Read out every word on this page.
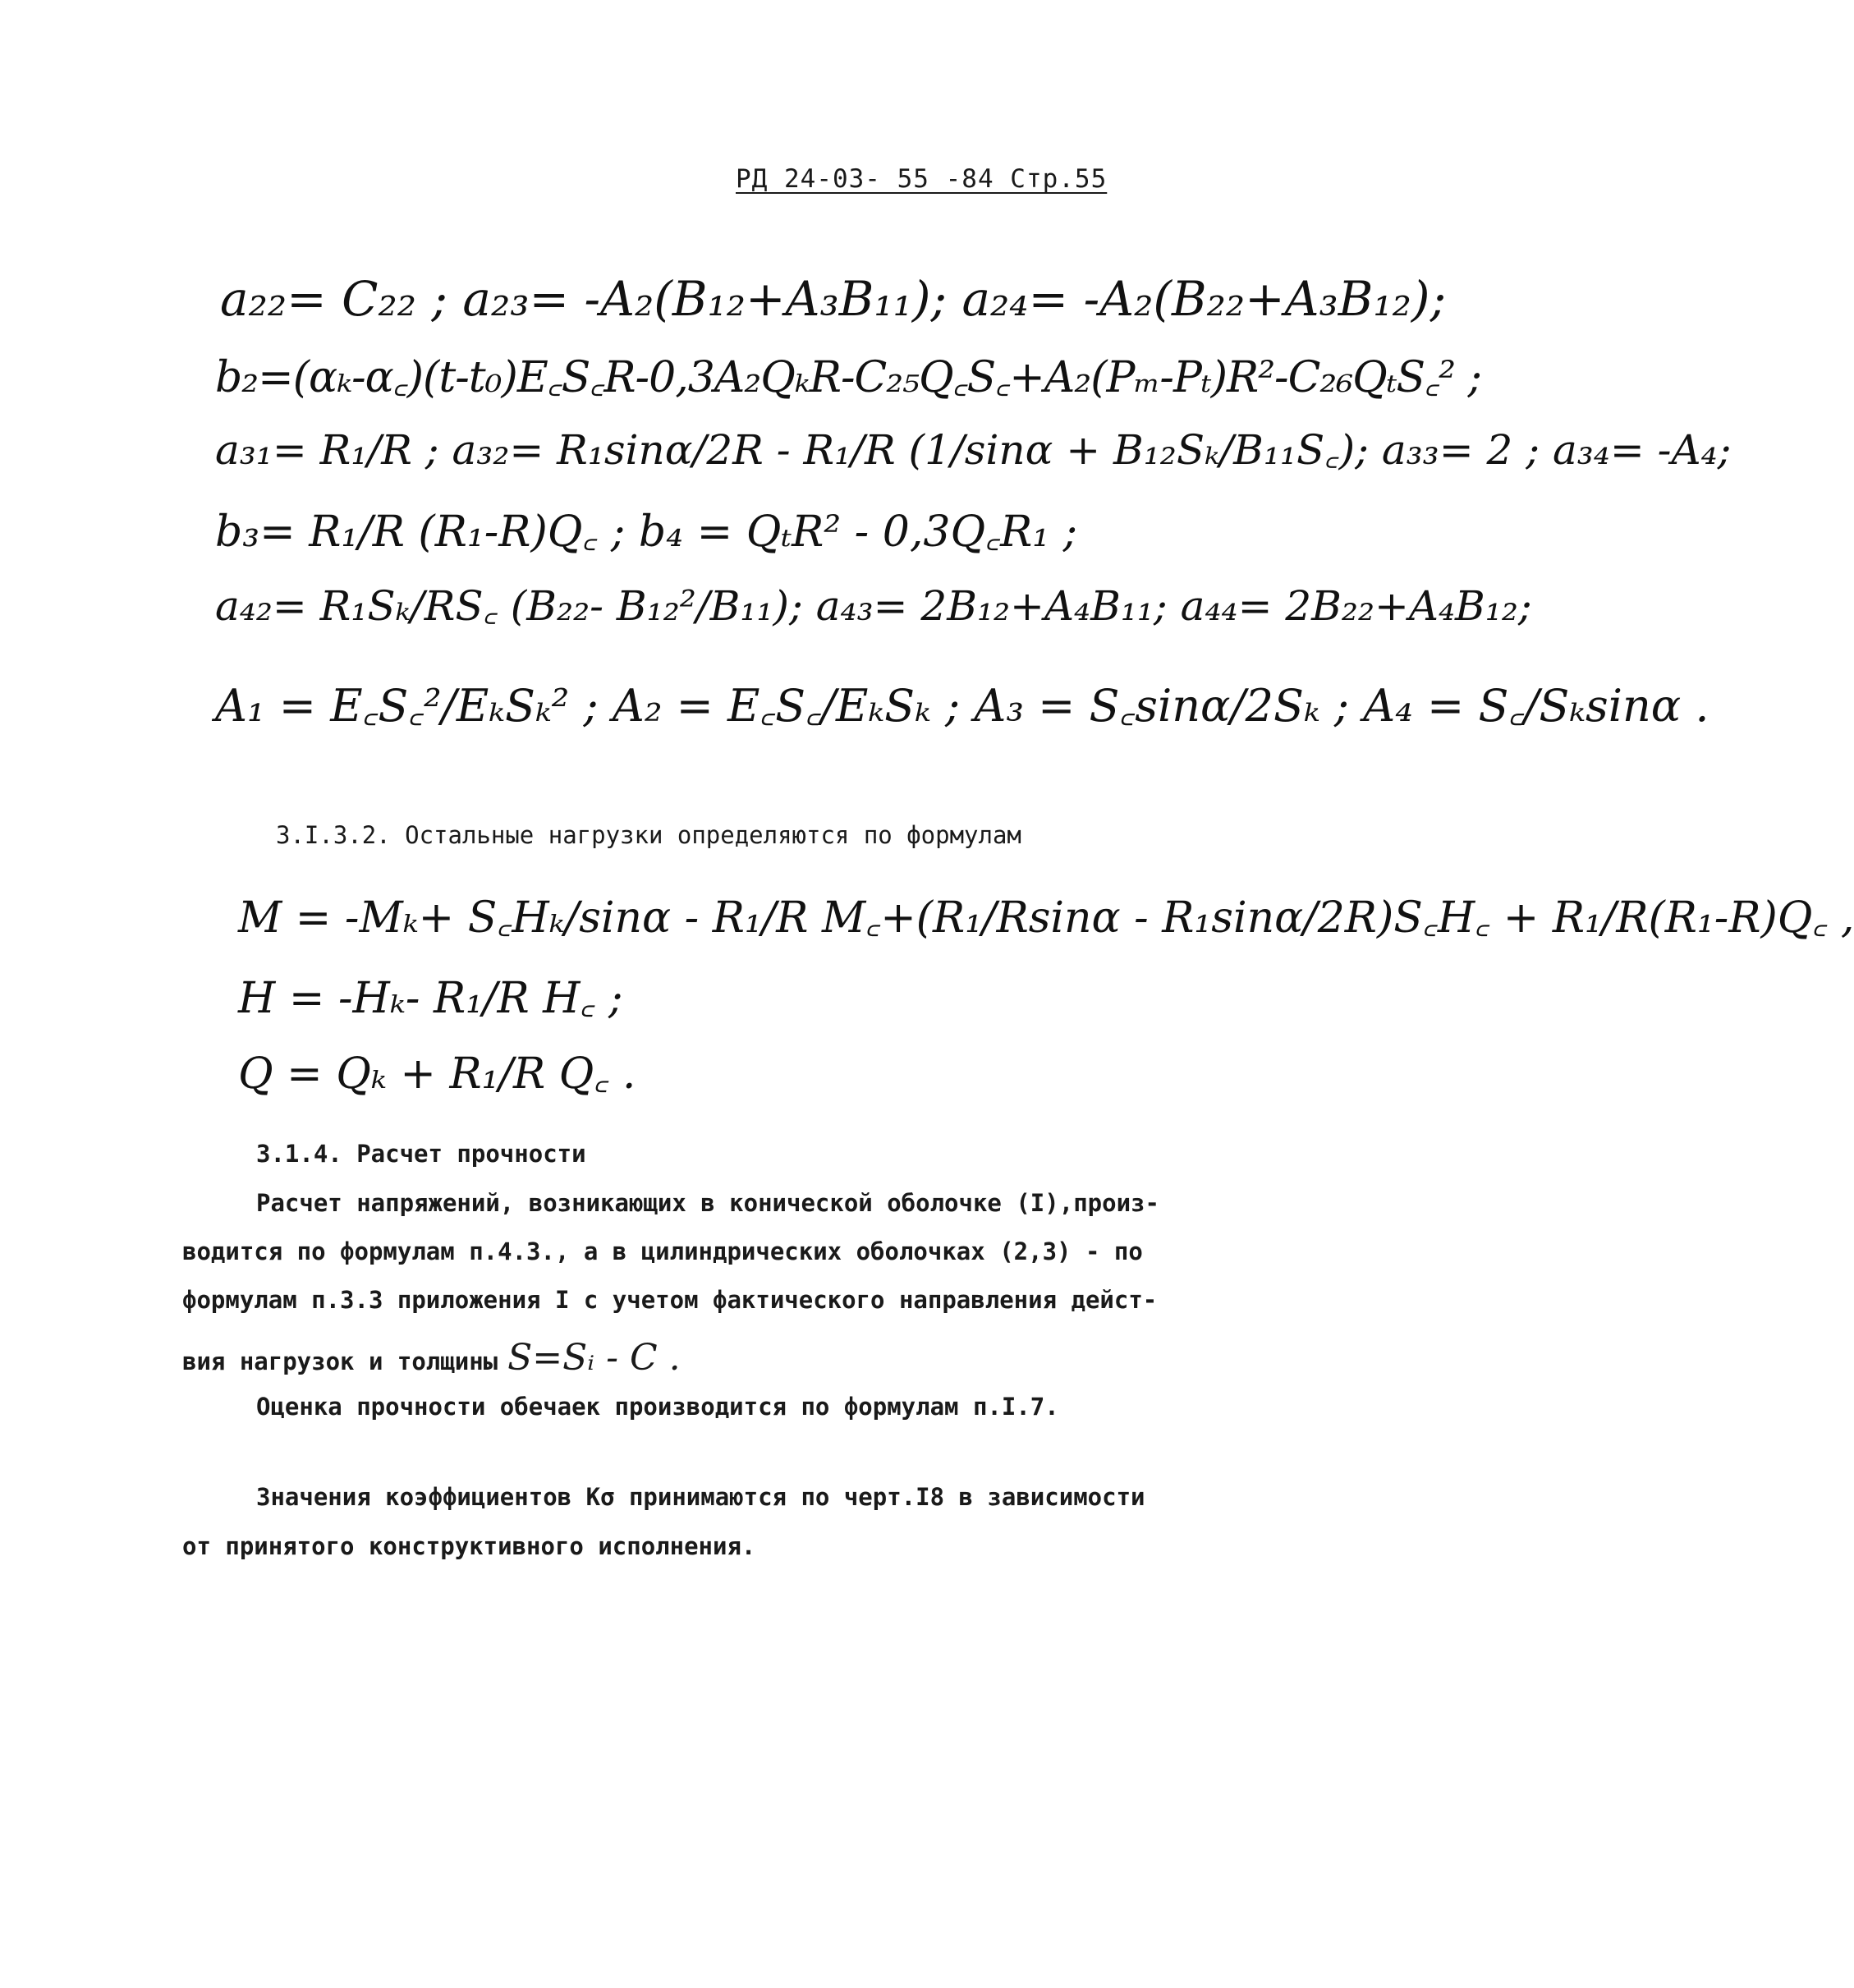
РД 24-03- 55 -84 Стр.55
a₂₂= C₂₂ ; a₂₃= -A₂(B₁₂+A₃B₁₁); a₂₄= -A₂(B₂₂+A₃B₁₂);
b₂=(αₖ-α꜀)(t-t₀)E꜀S꜀R-0,3A₂QₖR-C₂₅Q꜀S꜀+A₂(Pₘ-Pₜ)R²-C₂₆QₜS꜀² ;
a₃₁= R₁/R ; a₃₂= R₁sinα/2R - R₁/R (1/sinα + B₁₂Sₖ/B₁₁S꜀); a₃₃= 2 ; a₃₄= -A₄;
b₃= R₁/R (R₁-R)Q꜀ ; b₄ = QₜR² - 0,3Q꜀R₁ ;
a₄₂= R₁Sₖ/RS꜀ (B₂₂- B₁₂²/B₁₁); a₄₃= 2B₁₂+A₄B₁₁; a₄₄= 2B₂₂+A₄B₁₂;
A₁ = E꜀S꜀²/EₖSₖ² ; A₂ = E꜀S꜀/EₖSₖ ; A₃ = S꜀sinα/2Sₖ ; A₄ = S꜀/Sₖsinα .
3.I.3.2. Остальные нагрузки определяются по формулам
M = -Mₖ+ S꜀Hₖ/sinα - R₁/R M꜀+(R₁/Rsinα - R₁sinα/2R)S꜀H꜀ + R₁/R(R₁-R)Q꜀ ,
H = -Hₖ- R₁/R H꜀ ;
Q = Qₖ + R₁/R Q꜀ .
3.1.4. Расчет прочности
Расчет напряжений, возникающих в конической оболочке (I),произ-
водится по формулам п.4.3., а в цилиндрических оболочках (2,3) - по
формулам п.3.3 приложения I с учетом фактического направления дейст-
вия нагрузок и толщины S=Sᵢ - C .
Оценка прочности обечаек производится по формулам п.I.7.
Значения коэффициентов Kσ принимаются по черт.I8 в зависимости
от принятого конструктивного исполнения.
